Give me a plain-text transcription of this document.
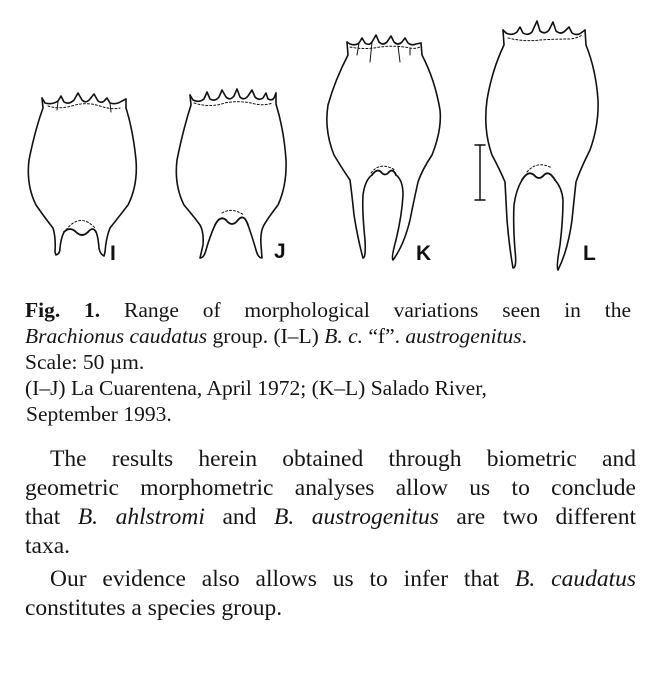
I	J	K	L
Fig. 1. Range of morphological variations seen in the
Brachionus caudatus group. (I–L) B. c. “f”. austrogenitus.
Scale: 50 µm.
(I–J) La Cuarentena, April 1972; (K–L) Salado River,
September 1993.
The results herein obtained through biometric and
geometric morphometric analyses allow us to conclude
that B. ahlstromi and B. austrogenitus are two different
taxa.
Our evidence also allows us to infer that B. caudatus
constitutes a species group.
